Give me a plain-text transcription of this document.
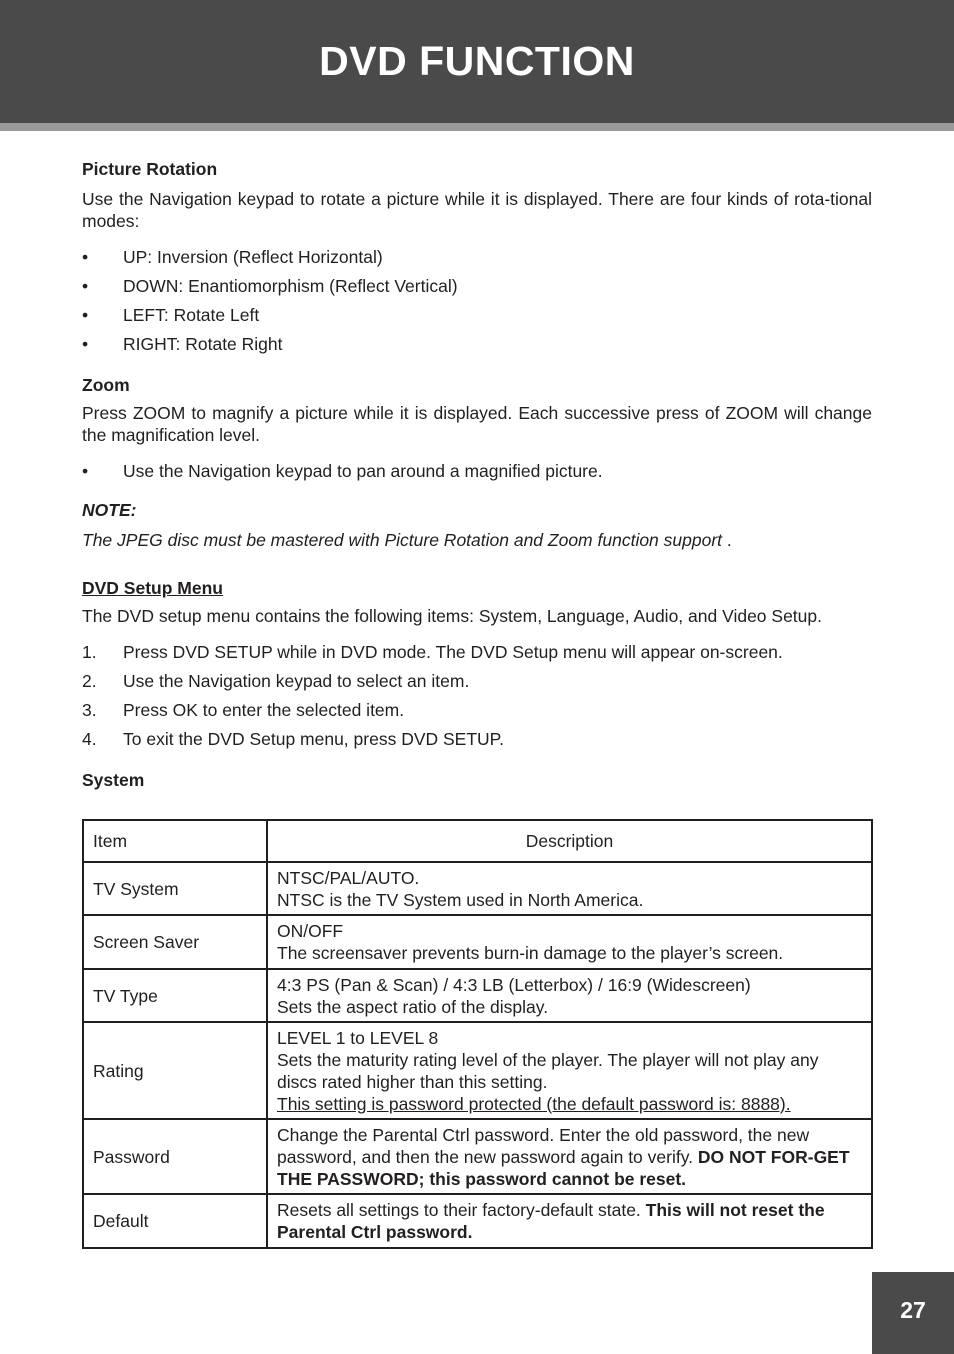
DVD FUNCTION

Picture Rotation

Use the Navigation keypad to rotate a picture while it is displayed. There are four kinds of rota-tional modes:

• UP: Inversion (Reflect Horizontal)
• DOWN: Enantiomorphism (Reflect Vertical)
• LEFT: Rotate Left
• RIGHT: Rotate Right

Zoom

Press ZOOM to magnify a picture while it is displayed. Each successive press of ZOOM will change the magnification level.

• Use the Navigation keypad to pan around a magnified picture.

NOTE:

The JPEG disc must be mastered with Picture Rotation and Zoom function support .

DVD Setup Menu

The DVD setup menu contains the following items: System, Language, Audio, and Video Setup.

1. Press DVD SETUP while in DVD mode. The DVD Setup menu will appear on-screen.
2. Use the Navigation keypad to select an item.
3. Press OK to enter the selected item.
4. To exit the DVD Setup menu, press DVD SETUP.

System

Item	Description
TV System	NTSC/PAL/AUTO.
NTSC is the TV System used in North America.

Screen Saver	ON/OFF
The screensaver prevents burn-in damage to the player’s screen.

TV Type	4:3 PS (Pan & Scan) / 4:3 LB (Letterbox) / 16:9 (Widescreen)
Sets the aspect ratio of the display.

Rating	LEVEL 1 to LEVEL 8
Sets the maturity rating level of the player. The player will not play any discs rated higher than this setting.
This setting is password protected (the default password is: 8888).

Password	Change the Parental Ctrl password. Enter the old password, the new password, and then the new password again to verify. DO NOT FOR-GET THE PASSWORD; this password cannot be reset.
Default	Resets all settings to their factory-default state. This will not reset the Parental Ctrl password.
27
